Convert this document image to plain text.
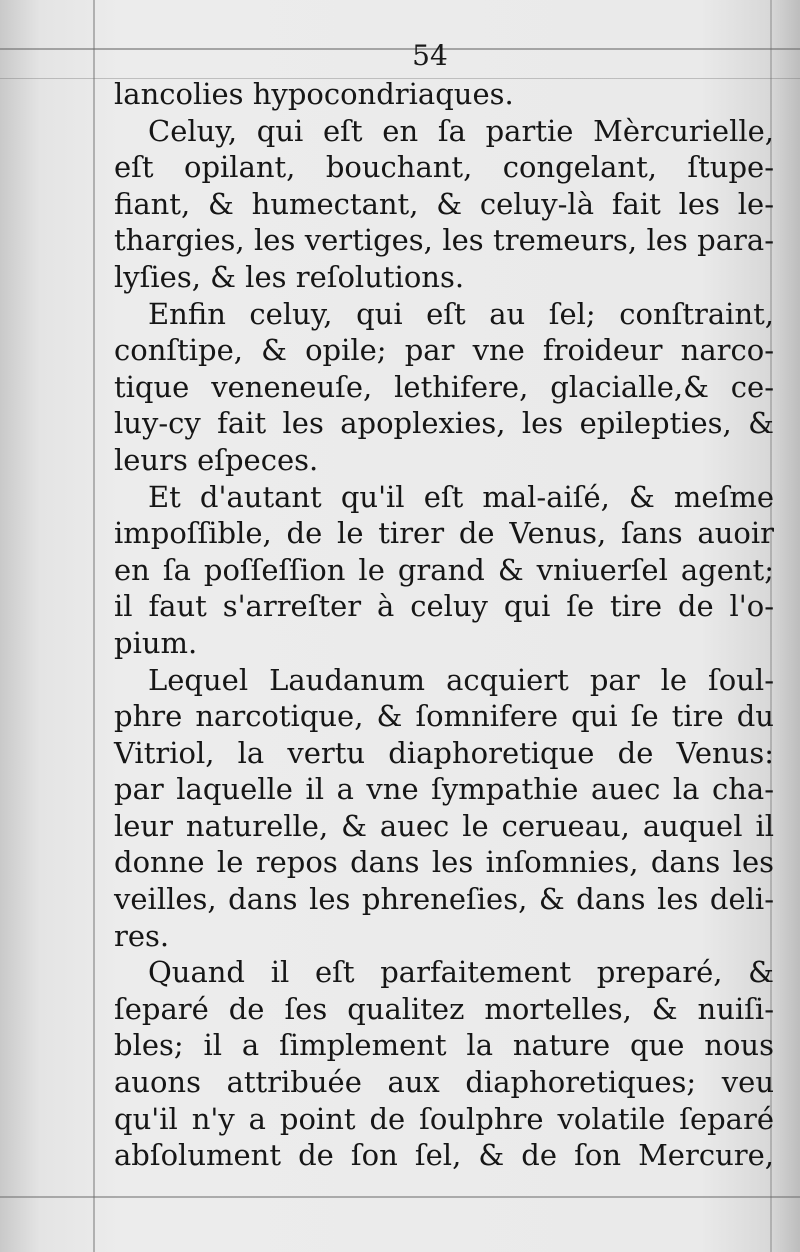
54
lancolies hypocondriaques.
Celuy, qui eſt en ſa partie Mèrcurielle,
eſt opilant, bouchant, congelant, ſtupe-
fiant, & humectant, & celuy-là fait les le-
thargies, les vertiges, les tremeurs, les para-
lyſies, & les reſolutions.
Enfin celuy, qui eſt au ſel; conſtraint,
conſtipe, & opile; par vne froideur narco-
tique veneneuſe, lethifere, glacialle,& ce-
luy-cy fait les apoplexies, les epilepties, &
leurs eſpeces.
Et d'autant qu'il eſt mal-aiſé, & meſme
impoſſible, de le tirer de Venus, ſans auoir
en ſa poſſeſſion le grand & vniuerſel agent;
il faut s'arreſter à celuy qui ſe tire de l'o-
pium.
Lequel Laudanum acquiert par le ſoul-
phre narcotique, & ſomnifere qui ſe tire du
Vitriol, la vertu diaphoretique de Venus:
par laquelle il a vne ſympathie auec la cha-
leur naturelle, & auec le cerueau, auquel il
donne le repos dans les inſomnies, dans les
veilles, dans les phreneſies, & dans les deli-
res.
Quand il eſt parfaitement preparé, &
ſeparé de ſes qualitez mortelles, & nuiſi-
bles; il a ſimplement la nature que nous
auons attribuée aux diaphoretiques; veu
qu'il n'y a point de ſoulphre volatile ſeparé
abſolument de ſon ſel, & de ſon Mercure,
